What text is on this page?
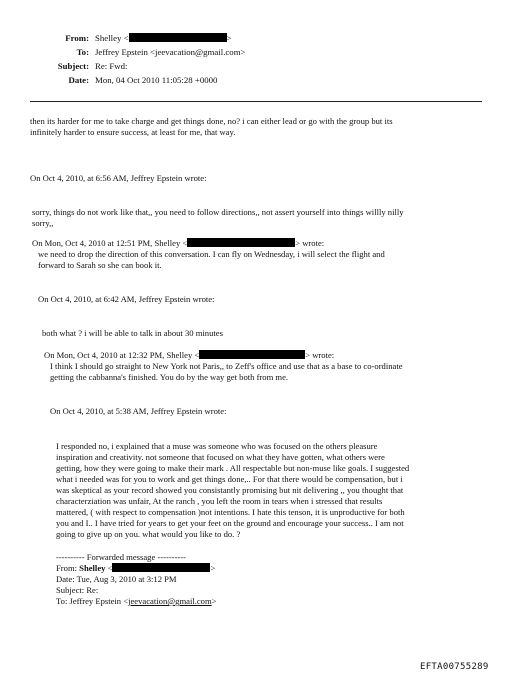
From: Shelley <	>
To: Jeffrey Epstein <jeevacation@gmail.com>
Subject: Re: Fwd:
Date: Mon, 04 Oct 2010 11:05:28 +0000
then its harder for me to take charge and get things done, no? i can either lead or go with the group but its
infinitely harder to ensure success, at least for me, that way.
On Oct 4, 2010, at 6:56 AM, Jeffrey Epstein wrote:
sorry, things do not work like that,, you need to follow directions,, not assert yourself into things willly nilly
sorry,,
On Mon, Oct 4, 2010 at 12:51 PM, Shelley <	> wrote:
we need to drop the direction of this conversation. I can fly on Wednesday, i will select the flight and
forward to Sarah so she can book it.
On Oct 4, 2010, at 6:42 AM, Jeffrey Epstein wrote:
both what ? i will be able to talk in about 30 minutes
On Mon, Oct 4, 2010 at 12:32 PM, Shelley <	> wrote:
I think I should go straight to New York not Paris,, to Zeff's office and use that as a base to co-ordinate
getting the cabbanna's finished. You do by the way get both from me.
On Oct 4, 2010, at 5:38 AM, Jeffrey Epstein wrote:
I responded no, i explained that a muse was someone who was focused on the others pleasure
inspiration and creativity. not someone that focused on what they have gotten, what others were
getting, how they were going to make their mark . All respectable but non-muse like goals. I suggested
what i needed was for you to work and get things done,.. For that there would be compensation, but i
was skeptical as your record showed you consistantly promising but nit delivering ,, you thought that
characterziation was unfair, At the ranch , you left the room in tears when i stressed that results
mattered, ( with respect to compensation )not intentions. I hate this tenson, it is unproductive for both
you and I.. I have tried for years to get your feet on the ground and encourage your success.. I am not
going to give up on you. what would you like to do. ?
---------- Forwarded message ----------
From: Shelley <	>
Date: Tue, Aug 3, 2010 at 3:12 PM
Subject: Re:
To: Jeffrey Epstein <jeevacation@gmail.com>
EFTA00755289
